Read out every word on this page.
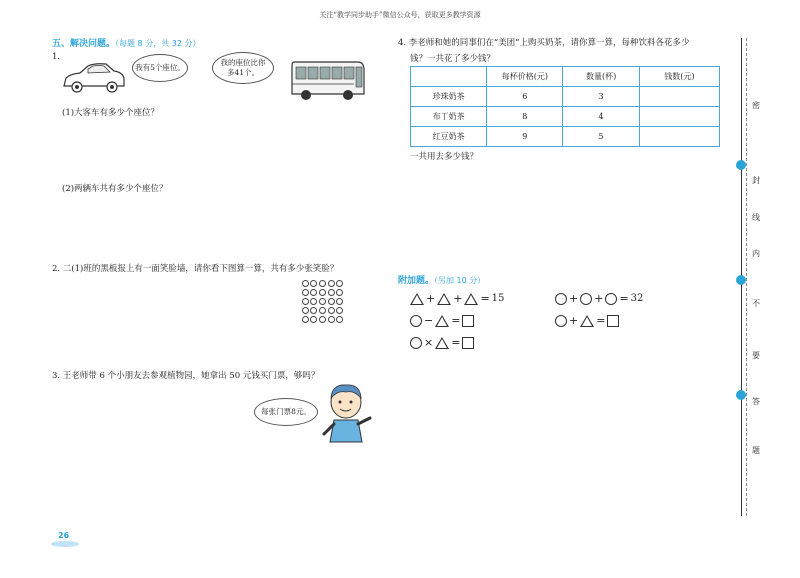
关注“教学同步助手”微信公众号，获取更多教学资源
五、解决问题。（每题 8 分，共 32 分）
1.
我有5个座位。
我的座位比你多41个。
(1)大客车有多少个座位？
(2)两辆车共有多少个座位？
2. 二(1)班的黑板报上有一面笑脸墙，请你看下图算一算，共有多少张笑脸？
3. 王老师带 6 个小朋友去参观植物园，她拿出 50 元钱买门票，够吗？
每张门票8元。
4. 李老师和她的同事们在“美团”上购买奶茶，请你算一算，每种饮料各花多少
钱？一共花了多少钱？
	每杯价格(元)	数量(杯)	钱数(元)
珍珠奶茶	6	3	
布丁奶茶	8	4	
红豆奶茶	9	5	
一共用去多少钱？
附加题。（另加 10 分）
+ + = 15	+ + = 32
− =	+ =
× =
密
封
线
内
不
要
答
题
26
